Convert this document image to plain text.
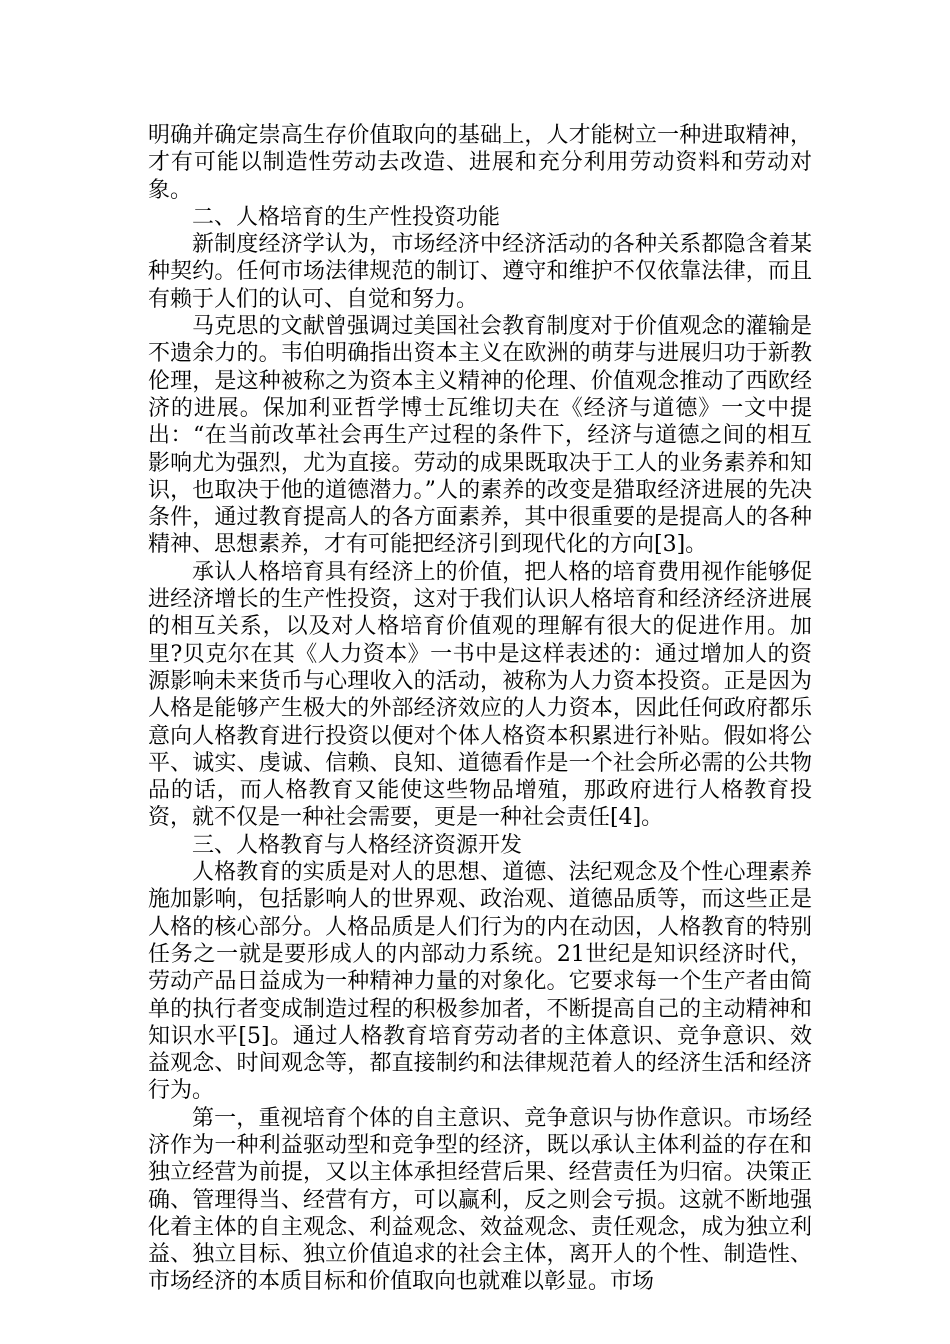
明确并确定崇高生存价值取向的基础上，人才能树立一种进取精神，才有可能以制造性劳动去改造、进展和充分利用劳动资料和劳动对象。

二、人格培育的生产性投资功能

新制度经济学认为，市场经济中经济活动的各种关系都隐含着某种契约。任何市场法律规范的制订、遵守和维护不仅依靠法律，而且有赖于人们的认可、自觉和努力。

马克思的文献曾强调过美国社会教育制度对于价值观念的灌输是不遗余力的。韦伯明确指出资本主义在欧洲的萌芽与进展归功于新教伦理，是这种被称之为资本主义精神的伦理、价值观念推动了西欧经济的进展。保加利亚哲学博士瓦维切夫在《经济与道德》一文中提出：“在当前改革社会再生产过程的条件下，经济与道德之间的相互影响尤为强烈，尤为直接。劳动的成果既取决于工人的业务素养和知识，也取决于他的道德潜力。”人的素养的改变是猎取经济进展的先决条件，通过教育提高人的各方面素养，其中很重要的是提高人的各种精神、思想素养，才有可能把经济引到现代化的方向[3]。

承认人格培育具有经济上的价值，把人格的培育费用视作能够促进经济增长的生产性投资，这对于我们认识人格培育和经济经济进展的相互关系，以及对人格培育价值观的理解有很大的促进作用。加里?贝克尔在其《人力资本》一书中是这样表述的：通过增加人的资源影响未来货币与心理收入的活动，被称为人力资本投资。正是因为人格是能够产生极大的外部经济效应的人力资本，因此任何政府都乐意向人格教育进行投资以便对个体人格资本积累进行补贴。假如将公平、诚实、虔诚、信赖、良知、道德看作是一个社会所必需的公共物品的话，而人格教育又能使这些物品增殖，那政府进行人格教育投资，就不仅是一种社会需要，更是一种社会责任[4]。

三、人格教育与人格经济资源开发

人格教育的实质是对人的思想、道德、法纪观念及个性心理素养施加影响，包括影响人的世界观、政治观、道德品质等，而这些正是人格的核心部分。人格品质是人们行为的内在动因，人格教育的特别任务之一就是要形成人的内部动力系统。21世纪是知识经济时代，劳动产品日益成为一种精神力量的对象化。它要求每一个生产者由简单的执行者变成制造过程的积极参加者，不断提高自己的主动精神和知识水平[5]。通过人格教育培育劳动者的主体意识、竞争意识、效益观念、时间观念等，都直接制约和法律规范着人的经济生活和经济行为。

第一，重视培育个体的自主意识、竞争意识与协作意识。市场经济作为一种利益驱动型和竞争型的经济，既以承认主体利益的存在和独立经营为前提，又以主体承担经营后果、经营责任为归宿。决策正确、管理得当、经营有方，可以赢利，反之则会亏损。这就不断地强化着主体的自主观念、利益观念、效益观念、责任观念，成为独立利益、独立目标、独立价值追求的社会主体，离开人的个性、制造性、市场经济的本质目标和价值取向也就难以彰显。市场
